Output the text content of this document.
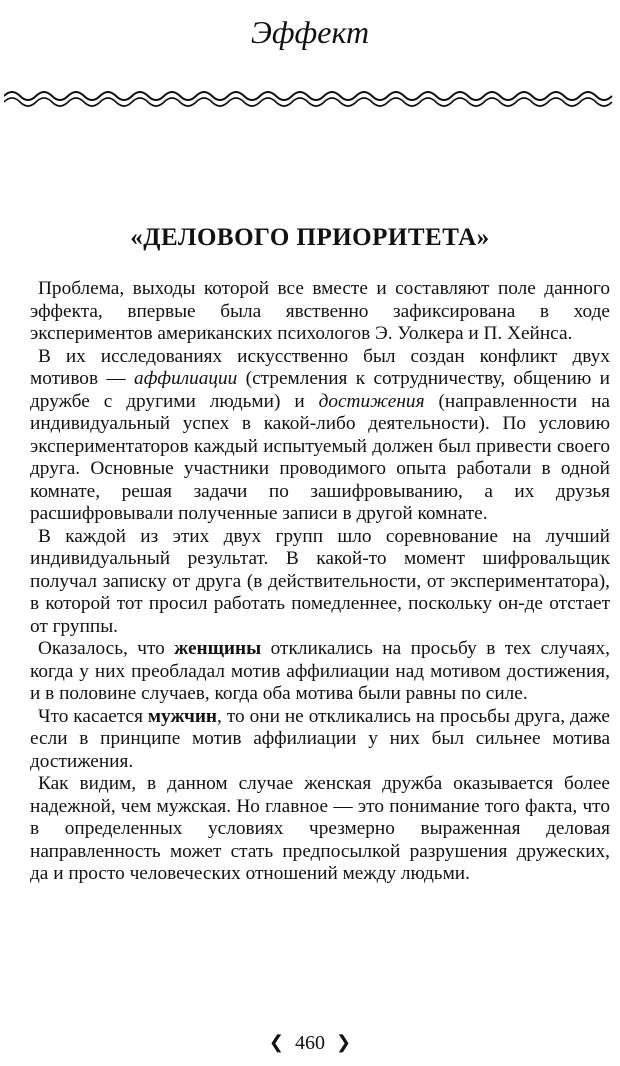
Эффект
«ДЕЛОВОГО ПРИОРИТЕТА»

Проблема, выходы которой все вместе и составляют поле данного эффекта, впервые была явственно зафиксирована в ходе экспериментов американских психологов Э. Уолкера и П. Хейнса.

В их исследованиях искусственно был создан конфликт двух мотивов — аффилиации (стремления к сотрудничеству, общению и дружбе с другими людьми) и достижения (направленности на индивидуальный успех в какой-либо деятельности). По условию экспериментаторов каждый испытуемый должен был привести своего друга. Основные участники проводимого опыта работали в одной комнате, решая задачи по зашифровыванию, а их друзья расшифровывали полученные записи в другой комнате.

В каждой из этих двух групп шло соревнование на лучший индивидуальный результат. В какой-то момент шифровальщик получал записку от друга (в действительности, от экспериментатора), в которой тот просил работать помедленнее, поскольку он-де отстает от группы.

Оказалось, что женщины откликались на просьбу в тех случаях, когда у них преобладал мотив аффилиации над мотивом достижения, и в половине случаев, когда оба мотива были равны по силе.

Что касается мужчин, то они не откликались на просьбы друга, даже если в принципе мотив аффилиации у них был сильнее мотива достижения.

Как видим, в данном случае женская дружба оказывается более надежной, чем мужская. Но главное — это понимание того факта, что в определенных условиях чрезмерно выраженная деловая направленность может стать предпосылкой разрушения дружеских, да и просто человеческих отношений между людьми.

❮ 460 ❯
